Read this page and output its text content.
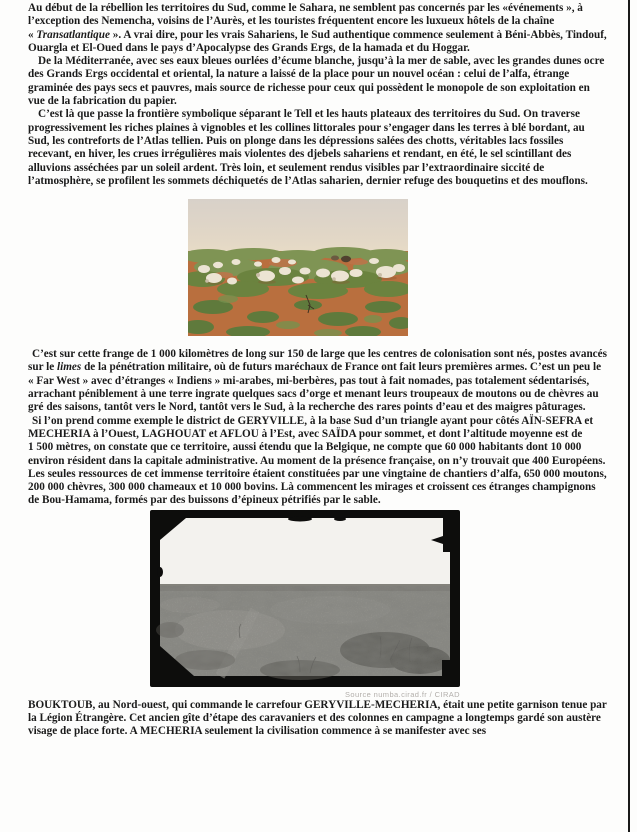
Au début de la rébellion les territoires du Sud, comme le Sahara, ne semblent pas concernés par les «événements », à l’exception des Nemencha, voisins de l’Aurès, et les touristes fréquentent encore les luxueux hôtels de la chaîne « Transatlantique ». A vrai dire, pour les vrais Sahariens, le Sud authentique commence seulement à Béni-Abbès, Tindouf, Ouargla et El-Oued dans le pays d’Apocalypse des Grands Ergs, de la hamada et du Hoggar.

De la Méditerranée, avec ses eaux bleues ourlées d’écume blanche, jusqu’à la mer de sable, avec les grandes dunes ocre des Grands Ergs occidental et oriental, la nature a laissé de la place pour un nouvel océan : celui de l’alfa, étrange graminée des pays secs et pauvres, mais source de richesse pour ceux qui possèdent le monopole de son exploitation en vue de la fabrication du papier.

C’est là que passe la frontière symbolique séparant le Tell et les hauts plateaux des territoires du Sud. On traverse progressivement les riches plaines à vignobles et les collines littorales pour s’engager dans les terres à blé bordant, au Sud, les contreforts de l’Atlas tellien. Puis on plonge dans les dépressions salées des chotts, véritables lacs fossiles recevant, en hiver, les crues irrégulières mais violentes des djebels sahariens et rendant, en été, le sel scintillant des alluvions asséchées par un soleil ardent. Très loin, et seulement rendus visibles par l’extraordinaire siccité de l’atmosphère, se profilent les sommets déchiquetés de l’Atlas saharien, dernier refuge des bouquetins et des mouflons.

C’est sur cette frange de 1 000 kilomètres de long sur 150 de large que les centres de colonisation sont nés, postes avancés sur le limes de la pénétration militaire, où de futurs maréchaux de France ont fait leurs premières armes. C’est un peu le « Far West » avec d’étranges « Indiens » mi-arabes, mi-berbères, pas tout à fait nomades, pas totalement sédentarisés, arrachant péniblement à une terre ingrate quelques sacs d’orge et menant leurs troupeaux de moutons ou de chèvres au gré des saisons, tantôt vers le Nord, tantôt vers le Sud, à la recherche des rares points d’eau et des maigres pâturages.

Si l’on prend comme exemple le district de GERYVILLE, à la base Sud d’un triangle ayant pour côtés AÏN-SEFRA et MECHERIA à l’Ouest, LAGHOUAT et AFLOU à l’Est, avec SAÏDA pour sommet, et dont l’altitude moyenne est de 1 500 mètres, on constate que ce territoire, aussi étendu que la Belgique, ne compte que 60 000 habitants dont 10 000 environ résident dans la capitale administrative. Au moment de la présence française, on n’y trouvait que 400 Européens. Les seules ressources de cet immense territoire étaient constituées par une vingtaine de chantiers d’alfa, 650 000 moutons, 200 000 chèvres, 300 000 chameaux et 10 000 bovins. Là commencent les mirages et croissent ces étranges champignons de Bou-Hamama, formés par des buissons d’épineux pétrifiés par le sable.

Source numba.cirad.fr / CIRAD

BOUKTOUB, au Nord-ouest, qui commande le carrefour GERYVILLE-MECHERIA, était une petite garnison tenue par la Légion Étrangère. Cet ancien gîte d’étape des caravaniers et des colonnes en campagne a longtemps gardé son austère visage de place forte. A MECHERIA seulement la civilisation commence à se manifester avec ses
